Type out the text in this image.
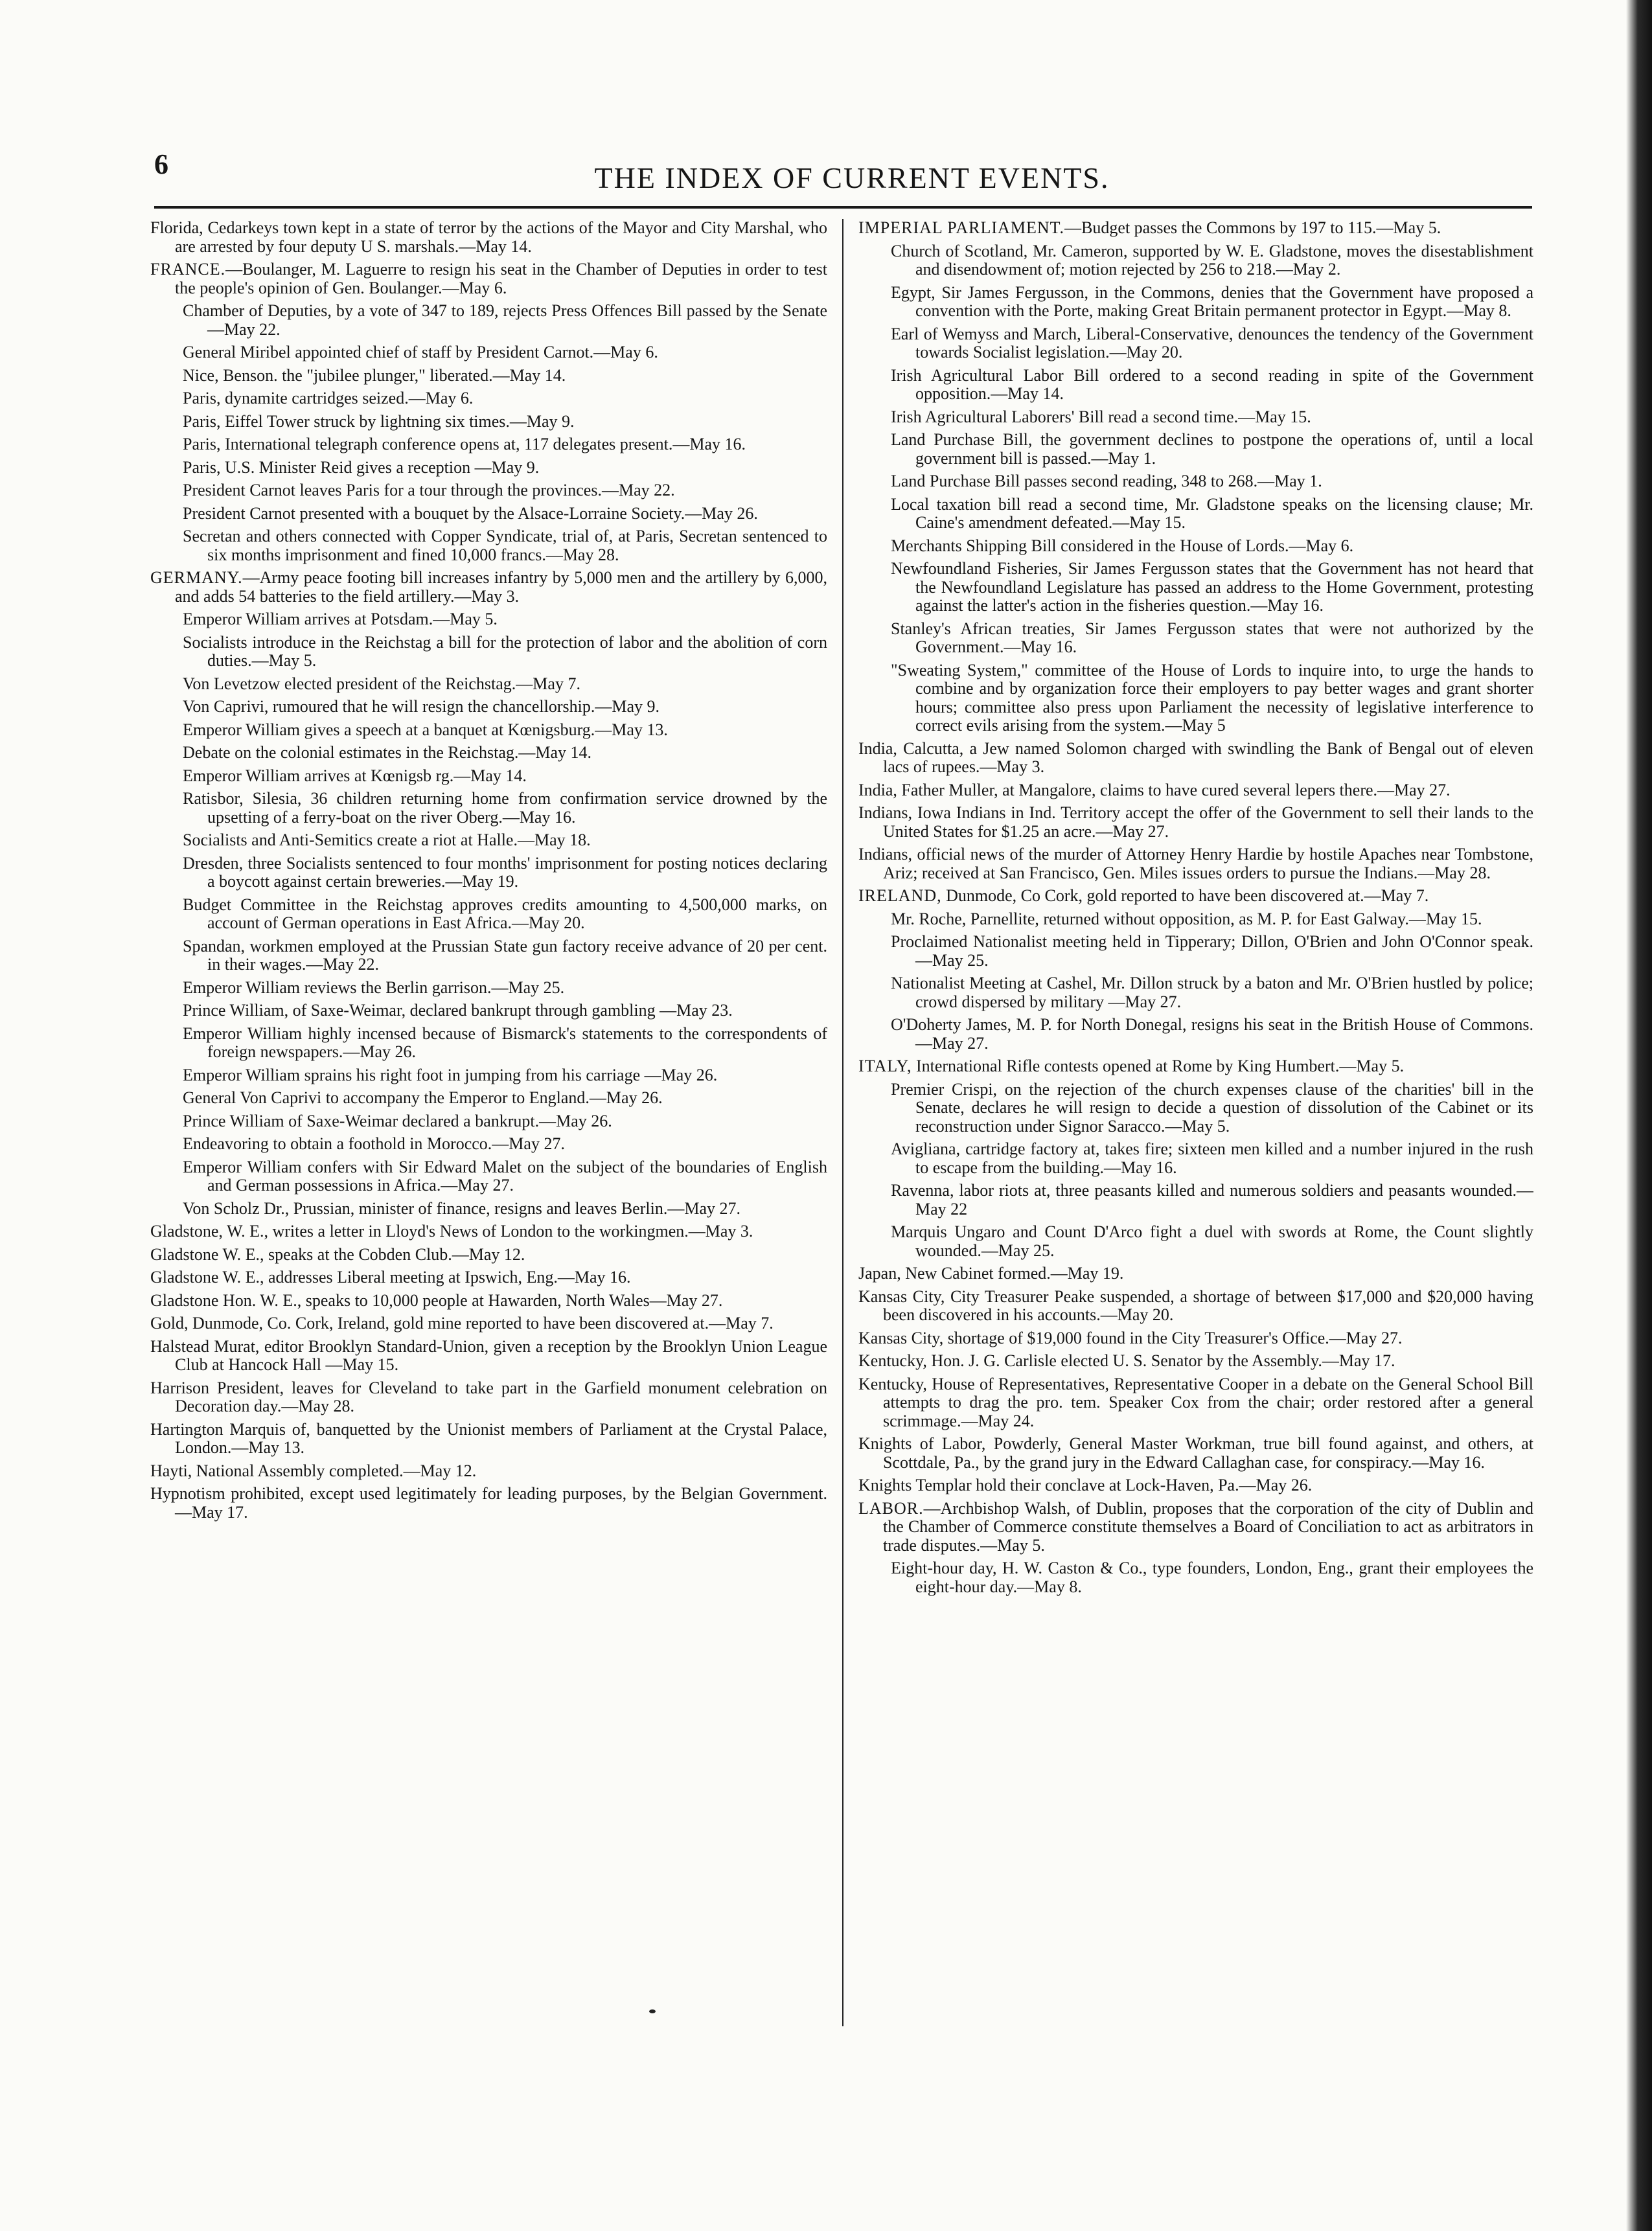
6	THE INDEX OF CURRENT EVENTS.
Florida, Cedarkeys town kept in a state of terror by the actions of the Mayor and City Marshal, who are arrested by four deputy U S. marshals.—May 14.
FRANCE.—Boulanger, M. Laguerre to resign his seat in the Chamber of Deputies in order to test the people's opinion of Gen. Boulanger.—May 6.
Chamber of Deputies, by a vote of 347 to 189, rejects Press Offences Bill passed by the Senate —May 22.
General Miribel appointed chief of staff by President Carnot.—May 6.
Nice, Benson. the "jubilee plunger," liberated.—May 14.
Paris, dynamite cartridges seized.—May 6.
Paris, Eiffel Tower struck by lightning six times.—May 9.
Paris, International telegraph conference opens at, 117 delegates present.—May 16.
Paris, U.S. Minister Reid gives a reception —May 9.
President Carnot leaves Paris for a tour through the provinces.—May 22.
President Carnot presented with a bouquet by the Alsace-Lorraine Society.—May 26.
Secretan and others connected with Copper Syndicate, trial of, at Paris, Secretan sentenced to six months imprisonment and fined 10,000 francs.—May 28.
GERMANY.—Army peace footing bill increases infantry by 5,000 men and the artillery by 6,000, and adds 54 batteries to the field artillery.—May 3.
Emperor William arrives at Potsdam.—May 5.
Socialists introduce in the Reichstag a bill for the protection of labor and the abolition of corn duties.—May 5.
Von Levetzow elected president of the Reichstag.—May 7.
Von Caprivi, rumoured that he will resign the chancellorship.—May 9.
Emperor William gives a speech at a banquet at Kœnigsburg.—May 13.
Debate on the colonial estimates in the Reichstag.—May 14.
Emperor William arrives at Kœnigsb rg.—May 14.
Ratisbor, Silesia, 36 children returning home from confirmation service drowned by the upsetting of a ferry-boat on the river Oberg.—May 16.
Socialists and Anti-Semitics create a riot at Halle.—May 18.
Dresden, three Socialists sentenced to four months' imprisonment for posting notices declaring a boycott against certain breweries.—May 19.
Budget Committee in the Reichstag approves credits amounting to 4,500,000 marks, on account of German operations in East Africa.—May 20.
Spandan, workmen employed at the Prussian State gun factory receive advance of 20 per cent. in their wages.—May 22.
Emperor William reviews the Berlin garrison.—May 25.
Prince William, of Saxe-Weimar, declared bankrupt through gambling —May 23.
Emperor William highly incensed because of Bismarck's statements to the correspondents of foreign newspapers.—May 26.
Emperor William sprains his right foot in jumping from his carriage —May 26.
General Von Caprivi to accompany the Emperor to England.—May 26.
Prince William of Saxe-Weimar declared a bankrupt.—May 26.
Endeavoring to obtain a foothold in Morocco.—May 27.
Emperor William confers with Sir Edward Malet on the subject of the boundaries of English and German possessions in Africa.—May 27.
Von Scholz Dr., Prussian, minister of finance, resigns and leaves Berlin.—May 27.
Gladstone, W. E., writes a letter in Lloyd's News of London to the workingmen.—May 3.
Gladstone W. E., speaks at the Cobden Club.—May 12.
Gladstone W. E., addresses Liberal meeting at Ipswich, Eng.—May 16.
Gladstone Hon. W. E., speaks to 10,000 people at Hawarden, North Wales—May 27.
Gold, Dunmode, Co. Cork, Ireland, gold mine reported to have been discovered at.—May 7.
Halstead Murat, editor Brooklyn Standard-Union, given a reception by the Brooklyn Union League Club at Hancock Hall —May 15.
Harrison President, leaves for Cleveland to take part in the Garfield monument celebration on Decoration day.—May 28.
Hartington Marquis of, banquetted by the Unionist members of Parliament at the Crystal Palace, London.—May 13.
Hayti, National Assembly completed.—May 12.
Hypnotism prohibited, except used legitimately for leading purposes, by the Belgian Government.—May 17.
IMPERIAL PARLIAMENT.—Budget passes the Commons by 197 to 115.—May 5.
Church of Scotland, Mr. Cameron, supported by W. E. Gladstone, moves the disestablishment and disendowment of; motion rejected by 256 to 218.—May 2.
Egypt, Sir James Fergusson, in the Commons, denies that the Government have proposed a convention with the Porte, making Great Britain permanent protector in Egypt.—May 8.
Earl of Wemyss and March, Liberal-Conservative, denounces the tendency of the Government towards Socialist legislation.—May 20.
Irish Agricultural Labor Bill ordered to a second reading in spite of the Government opposition.—May 14.
Irish Agricultural Laborers' Bill read a second time.—May 15.
Land Purchase Bill, the government declines to postpone the operations of, until a local government bill is passed.—May 1.
Land Purchase Bill passes second reading, 348 to 268.—May 1.
Local taxation bill read a second time, Mr. Gladstone speaks on the licensing clause; Mr. Caine's amendment defeated.—May 15.
Merchants Shipping Bill considered in the House of Lords.—May 6.
Newfoundland Fisheries, Sir James Fergusson states that the Government has not heard that the Newfoundland Legislature has passed an address to the Home Government, protesting against the latter's action in the fisheries question.—May 16.
Stanley's African treaties, Sir James Fergusson states that were not authorized by the Government.—May 16.
"Sweating System," committee of the House of Lords to inquire into, to urge the hands to combine and by organization force their employers to pay better wages and grant shorter hours; committee also press upon Parliament the necessity of legislative interference to correct evils arising from the system.—May 5
India, Calcutta, a Jew named Solomon charged with swindling the Bank of Bengal out of eleven lacs of rupees.—May 3.
India, Father Muller, at Mangalore, claims to have cured several lepers there.—May 27.
Indians, Iowa Indians in Ind. Territory accept the offer of the Government to sell their lands to the United States for $1.25 an acre.—May 27.
Indians, official news of the murder of Attorney Henry Hardie by hostile Apaches near Tombstone, Ariz; received at San Francisco, Gen. Miles issues orders to pursue the Indians.—May 28.
IRELAND, Dunmode, Co Cork, gold reported to have been discovered at.—May 7.
Mr. Roche, Parnellite, returned without opposition, as M. P. for East Galway.—May 15.
Proclaimed Nationalist meeting held in Tipperary; Dillon, O'Brien and John O'Connor speak.—May 25.
Nationalist Meeting at Cashel, Mr. Dillon struck by a baton and Mr. O'Brien hustled by police; crowd dispersed by military —May 27.
O'Doherty James, M. P. for North Donegal, resigns his seat in the British House of Commons.—May 27.
ITALY, International Rifle contests opened at Rome by King Humbert.—May 5.
Premier Crispi, on the rejection of the church expenses clause of the charities' bill in the Senate, declares he will resign to decide a question of dissolution of the Cabinet or its reconstruction under Signor Saracco.—May 5.
Avigliana, cartridge factory at, takes fire; sixteen men killed and a number injured in the rush to escape from the building.—May 16.
Ravenna, labor riots at, three peasants killed and numerous soldiers and peasants wounded.—May 22
Marquis Ungaro and Count D'Arco fight a duel with swords at Rome, the Count slightly wounded.—May 25.
Japan, New Cabinet formed.—May 19.
Kansas City, City Treasurer Peake suspended, a shortage of between $17,000 and $20,000 having been discovered in his accounts.—May 20.
Kansas City, shortage of $19,000 found in the City Treasurer's Office.—May 27.
Kentucky, Hon. J. G. Carlisle elected U. S. Senator by the Assembly.—May 17.
Kentucky, House of Representatives, Representative Cooper in a debate on the General School Bill attempts to drag the pro. tem. Speaker Cox from the chair; order restored after a general scrimmage.—May 24.
Knights of Labor, Powderly, General Master Workman, true bill found against, and others, at Scottdale, Pa., by the grand jury in the Edward Callaghan case, for conspiracy.—May 16.
Knights Templar hold their conclave at Lock-Haven, Pa.—May 26.
LABOR.—Archbishop Walsh, of Dublin, proposes that the corporation of the city of Dublin and the Chamber of Commerce constitute themselves a Board of Conciliation to act as arbitrators in trade disputes.—May 5.
Eight-hour day, H. W. Caston & Co., type founders, London, Eng., grant their employees the eight-hour day.—May 8.
